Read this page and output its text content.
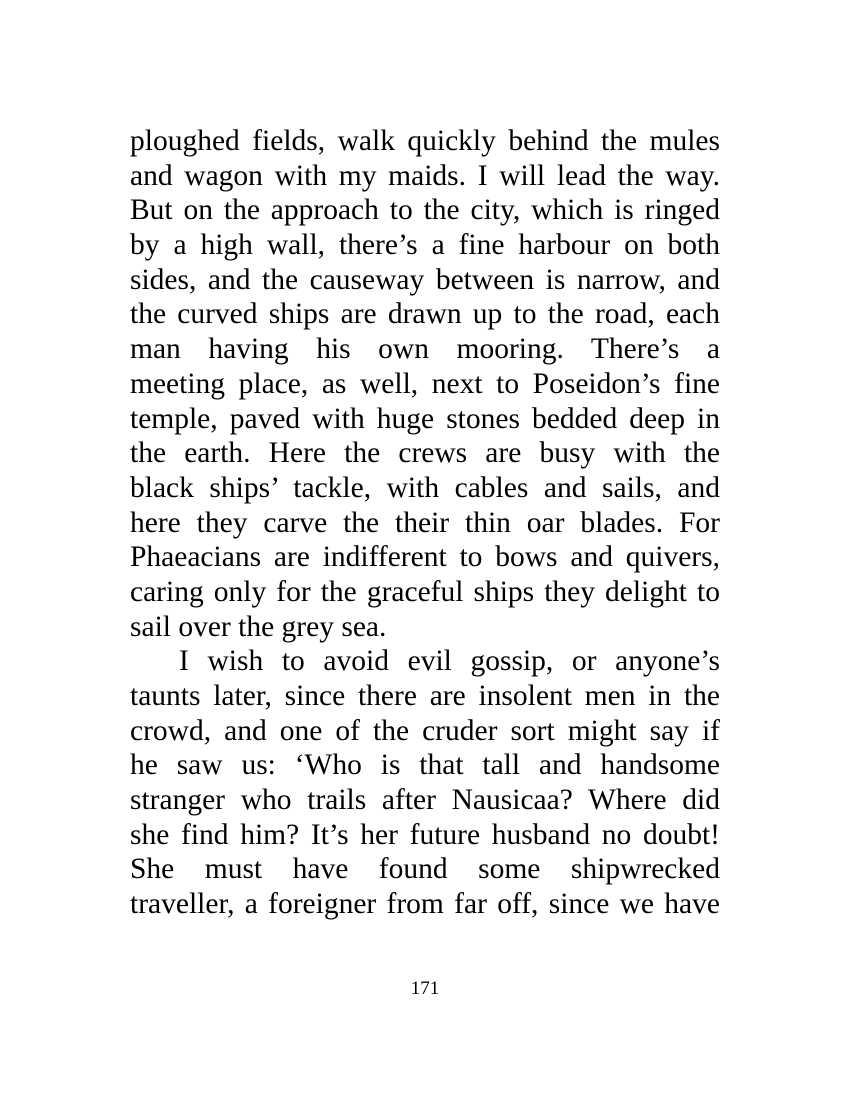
ploughed fields, walk quickly behind the mules
and wagon with my maids. I will lead the way.
But on the approach to the city, which is ringed
by a high wall, there’s a fine harbour on both
sides, and the causeway between is narrow, and
the curved ships are drawn up to the road, each
man having his own mooring. There’s a
meeting place, as well, next to Poseidon’s fine
temple, paved with huge stones bedded deep in
the earth. Here the crews are busy with the
black ships’ tackle, with cables and sails, and
here they carve the their thin oar blades. For
Phaeacians are indifferent to bows and quivers,
caring only for the graceful ships they delight to
sail over the grey sea.
I wish to avoid evil gossip, or anyone’s
taunts later, since there are insolent men in the
crowd, and one of the cruder sort might say if
he saw us: ‘Who is that tall and handsome
stranger who trails after Nausicaa? Where did
she find him? It’s her future husband no doubt!
She must have found some shipwrecked
traveller, a foreigner from far off, since we have
171
